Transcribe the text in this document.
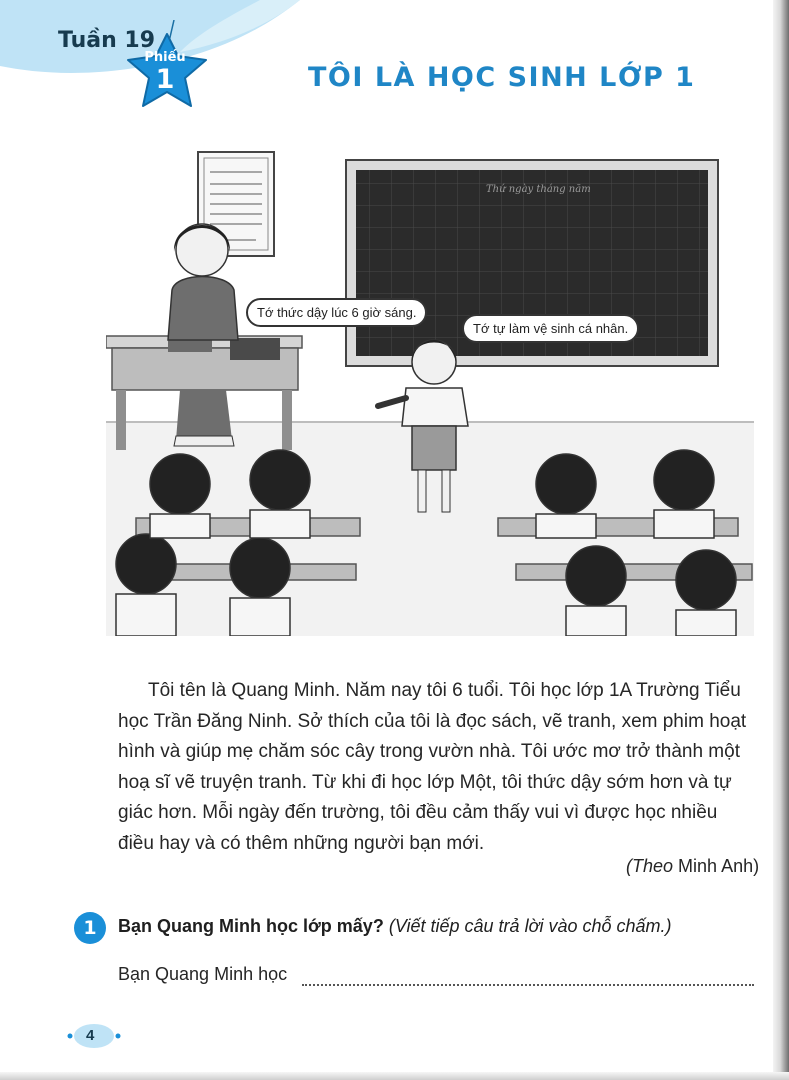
Tuần 19
Phiếu
1	TÔI LÀ HỌC SINH LỚP 1
Thứ ngày tháng năm
Tớ thức dậy lúc 6 giờ sáng.
Tớ tự làm vệ sinh cá nhân.

Tôi tên là Quang Minh. Năm nay tôi 6 tuổi. Tôi học lớp 1A Trường Tiểu học Trần Đăng Ninh. Sở thích của tôi là đọc sách, vẽ tranh, xem phim hoạt hình và giúp mẹ chăm sóc cây trong vườn nhà. Tôi ước mơ trở thành một hoạ sĩ vẽ truyện tranh. Từ khi đi học lớp Một, tôi thức dậy sớm hơn và tự giác hơn. Mỗi ngày đến trường, tôi đều cảm thấy vui vì được học nhiều điều hay và có thêm những người bạn mới.

(Theo Minh Anh)
1	Bạn Quang Minh học lớp mấy? (Viết tiếp câu trả lời vào chỗ chấm.)
Bạn Quang Minh học
4
